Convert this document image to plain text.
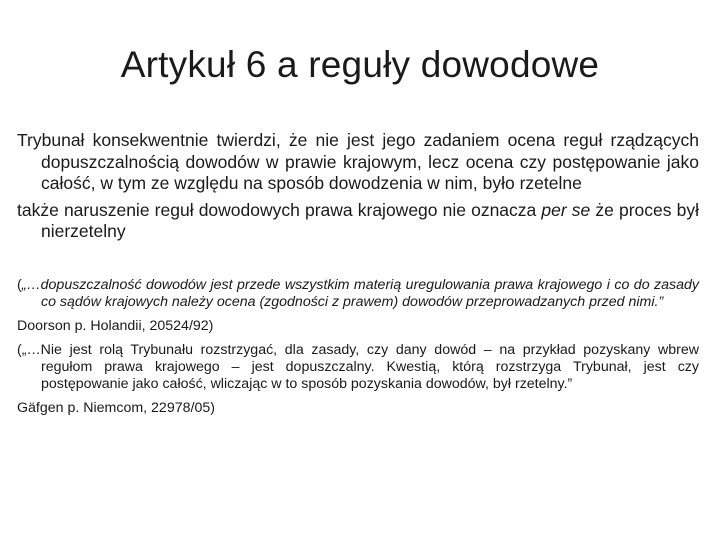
Artykuł 6 a reguły dowodowe

Trybunał konsekwentnie twierdzi, że nie jest jego zadaniem ocena reguł rządzących dopuszczalnością dowodów w prawie krajowym, lecz ocena czy postępowanie jako całość, w tym ze względu na sposób dowodzenia w nim, było rzetelne

także naruszenie reguł dowodowych prawa krajowego nie oznacza per se że proces był nierzetelny

(„…dopuszczalność dowodów jest przede wszystkim materią uregulowania prawa krajowego i co do zasady co sądów krajowych należy ocena (zgodności z prawem) dowodów przeprowadzanych przed nimi.”

Doorson p. Holandii, 20524/92)

(„…Nie jest rolą Trybunału rozstrzygać, dla zasady, czy dany dowód – na przykład pozyskany wbrew regułom prawa krajowego – jest dopuszczalny. Kwestią, którą rozstrzyga Trybunał, jest czy postępowanie jako całość, wliczając w to sposób pozyskania dowodów, był rzetelny.”

Gäfgen p. Niemcom, 22978/05)
